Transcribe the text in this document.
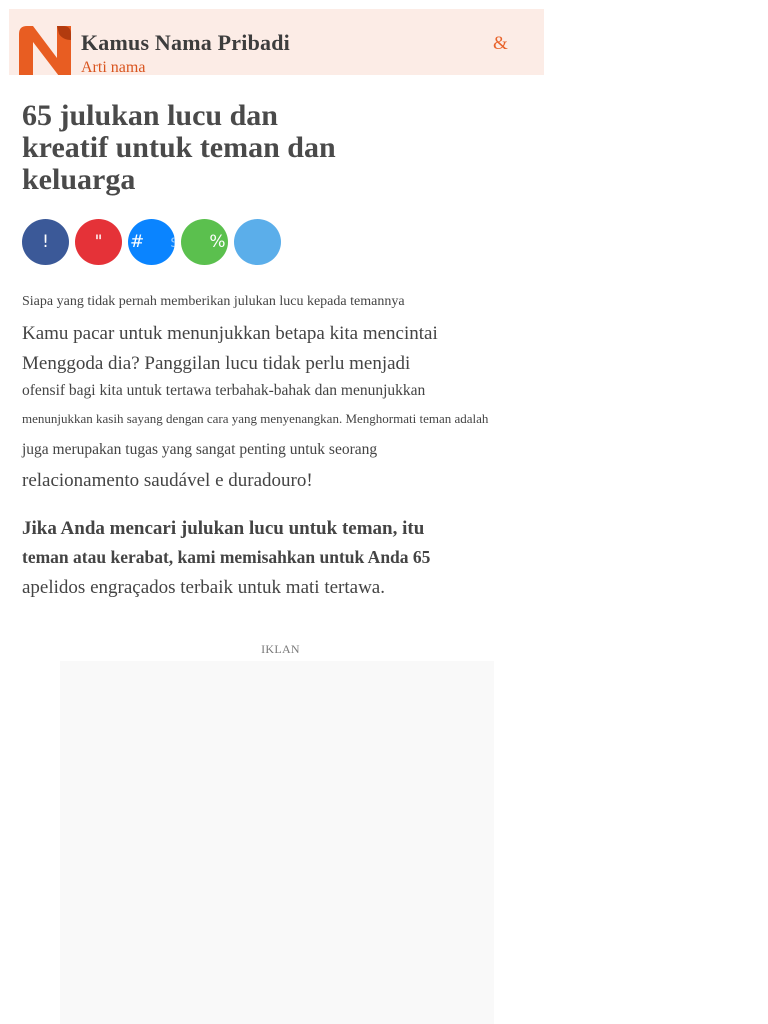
Kamus Nama Pribadi
Arti nama
&
65 julukan lucu dan
kreatif untuk teman dan
keluarga
!	"	# $	%

Siapa yang tidak pernah memberikan julukan lucu kepada temannya

Kamu pacar untuk menunjukkan betapa kita mencintai

Menggoda dia? Panggilan lucu tidak perlu menjadi

ofensif bagi kita untuk tertawa terbahak-bahak dan menunjukkan

menunjukkan kasih sayang dengan cara yang menyenangkan. Menghormati teman adalah

juga merupakan tugas yang sangat penting untuk seorang

relacionamento saudável e duradouro!

Jika Anda mencari julukan lucu untuk teman, itu

teman atau kerabat, kami memisahkan untuk Anda 65

apelidos engraçados terbaik untuk mati tertawa.

IKLAN
